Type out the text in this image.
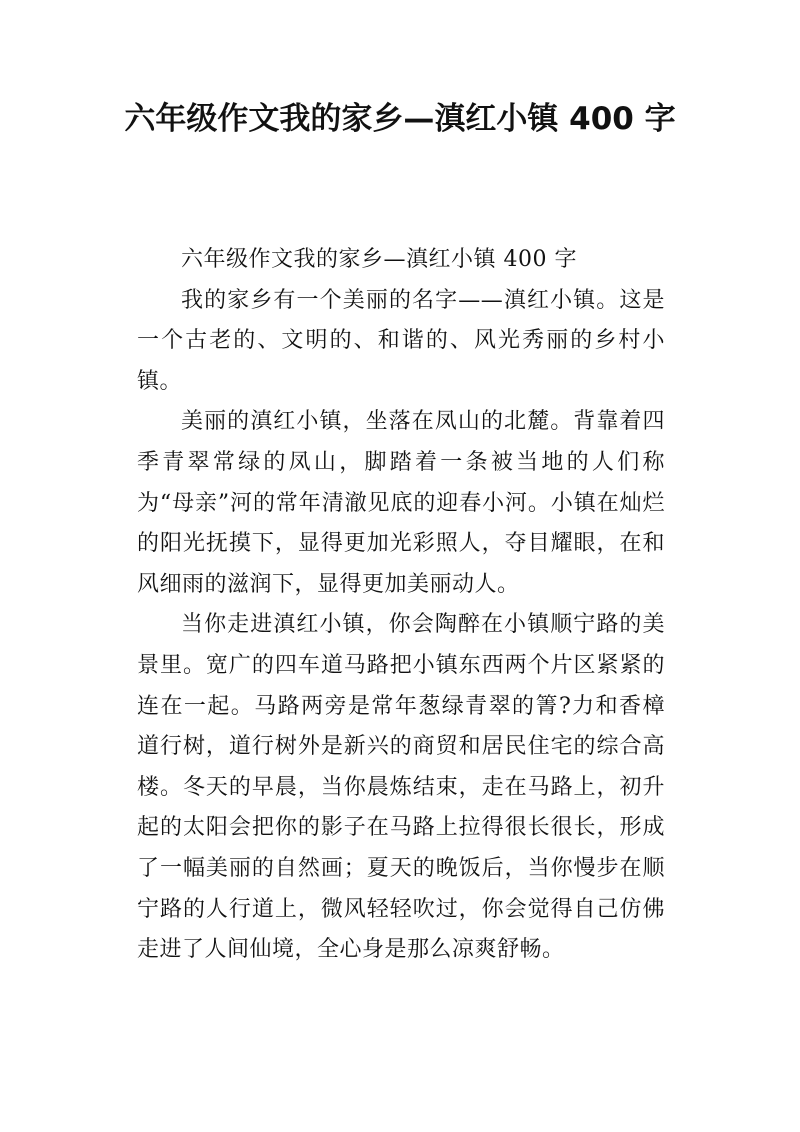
六年级作文我的家乡—滇红小镇 400 字

六年级作文我的家乡—滇红小镇 400 字

我的家乡有一个美丽的名字——滇红小镇。这是一个古老的、文明的、和谐的、风光秀丽的乡村小镇。

美丽的滇红小镇，坐落在凤山的北麓。背靠着四季青翠常绿的凤山，脚踏着一条被当地的人们称为“母亲”河的常年清澈见底的迎春小河。小镇在灿烂的阳光抚摸下，显得更加光彩照人，夺目耀眼，在和风细雨的滋润下，显得更加美丽动人。

当你走进滇红小镇，你会陶醉在小镇顺宁路的美景里。宽广的四车道马路把小镇东西两个片区紧紧的连在一起。马路两旁是常年葱绿青翠的箐?力和香樟道行树，道行树外是新兴的商贸和居民住宅的综合高楼。冬天的早晨，当你晨炼结束，走在马路上，初升起的太阳会把你的影子在马路上拉得很长很长，形成了一幅美丽的自然画；夏天的晚饭后，当你慢步在顺宁路的人行道上，微风轻轻吹过，你会觉得自己仿佛走进了人间仙境，全心身是那么凉爽舒畅。
